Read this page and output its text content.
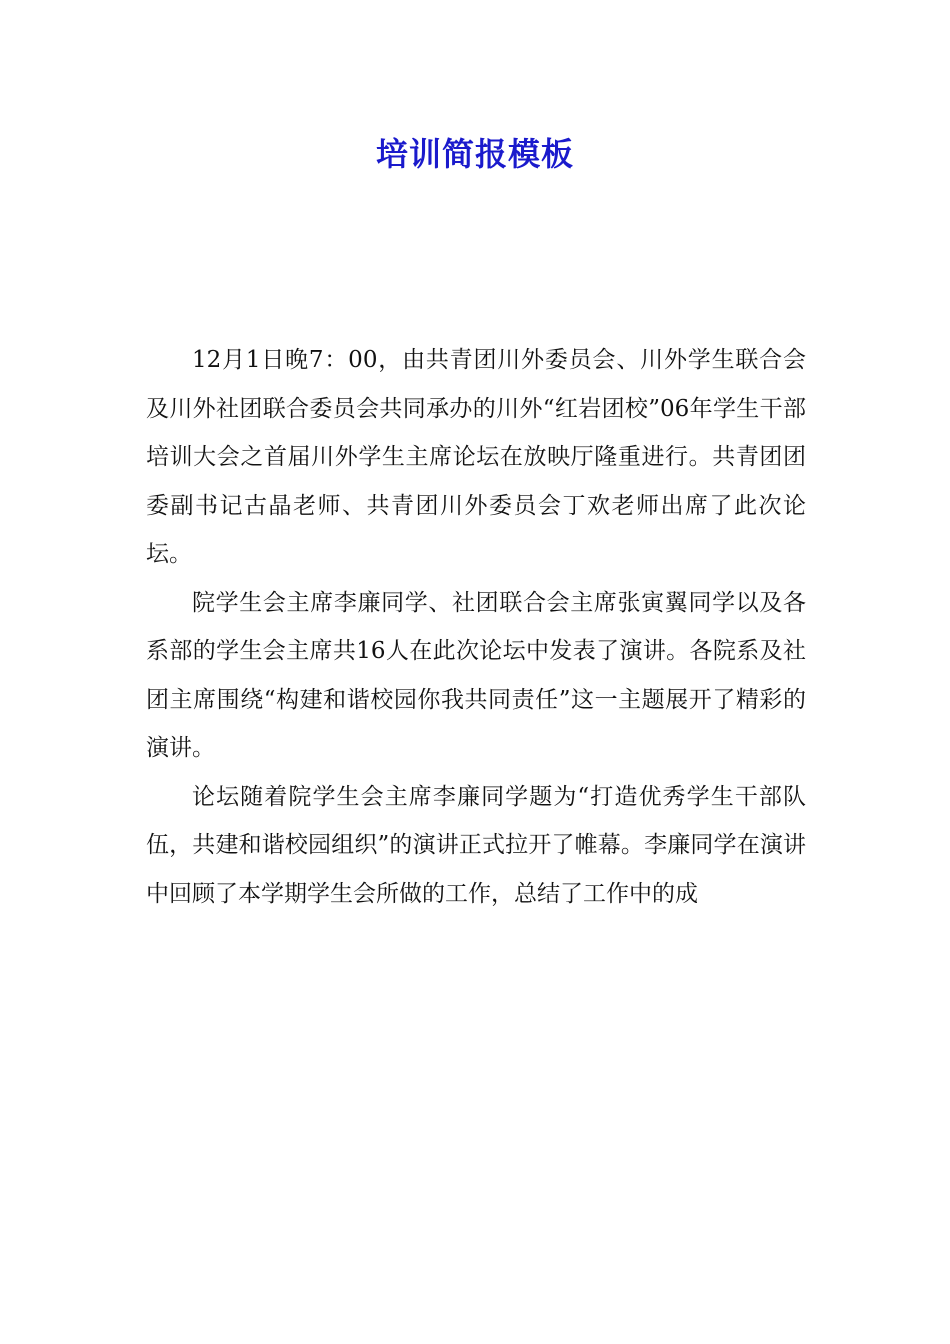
培训简报模板

12月1日晚7：00，由共青团川外委员会、川外学生联合会及川外社团联合委员会共同承办的川外“红岩团校”06年学生干部培训大会之首届川外学生主席论坛在放映厅隆重进行。共青团团委副书记古晶老师、共青团川外委员会丁欢老师出席了此次论坛。

院学生会主席李廉同学、社团联合会主席张寅翼同学以及各系部的学生会主席共16人在此次论坛中发表了演讲。各院系及社团主席围绕“构建和谐校园你我共同责任”这一主题展开了精彩的演讲。

论坛随着院学生会主席李廉同学题为“打造优秀学生干部队伍，共建和谐校园组织”的演讲正式拉开了帷幕。李廉同学在演讲中回顾了本学期学生会所做的工作，总结了工作中的成
